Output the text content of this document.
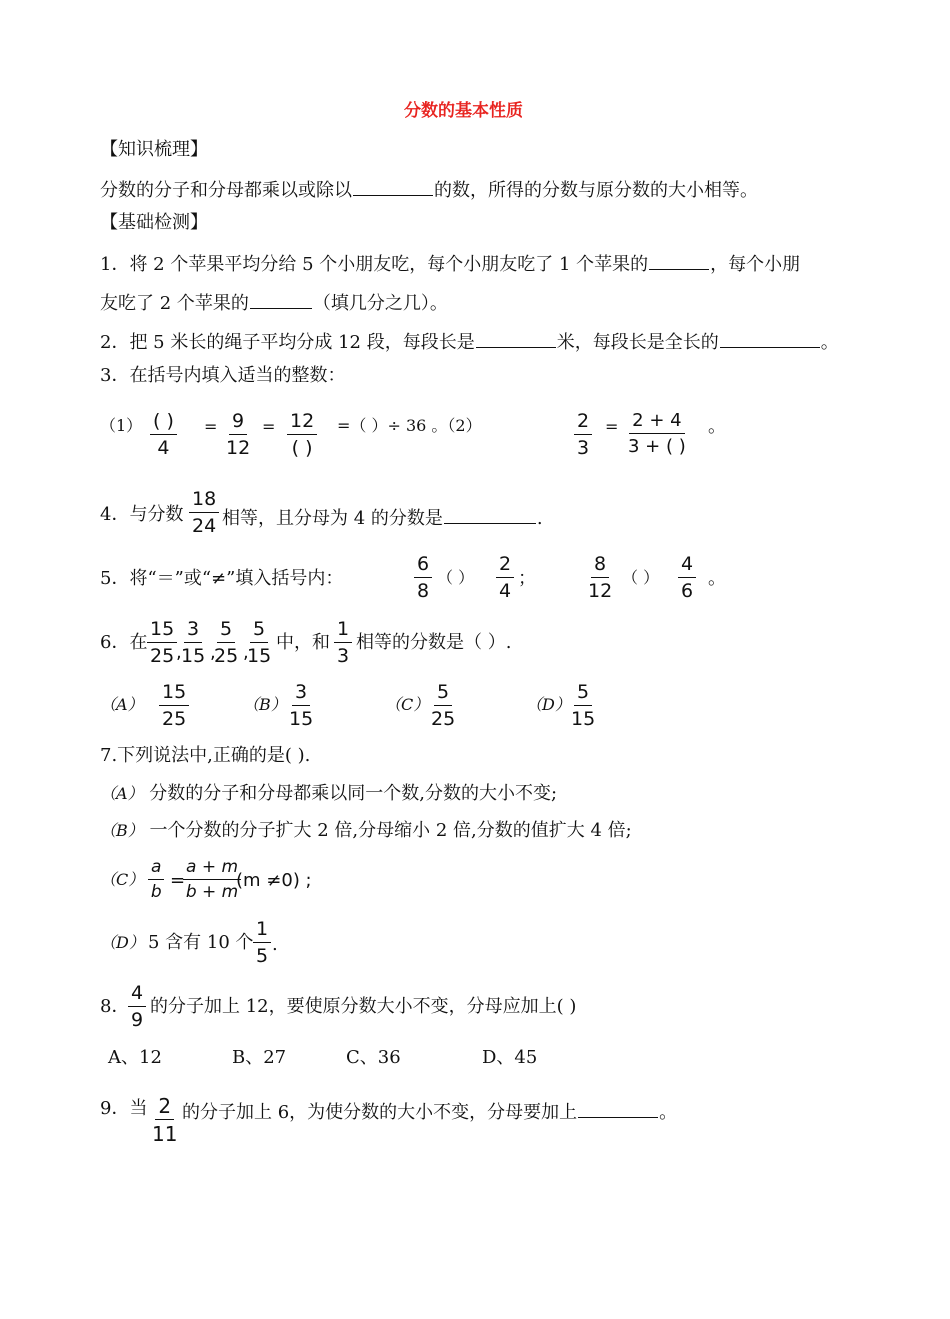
分数的基本性质
【知识梳理】
分数的分子和分母都乘以或除以	的数，所得的分数与原分数的大小相等。
【基础检测】
1．将 2 个苹果平均分给 5 个小朋友吃，每个小朋友吃了 1 个苹果的	，每个小朋
友吃了 2 个苹果的	（填几分之几）。
2．把 5 米长的绳子平均分成 12 段，每段长是	米，每段长是全长的	。
3．在括号内填入适当的整数：
（1） ( )
4
= $\frac{9}{12} = 12$
( )
=（ ）÷ 36 。（2）	$\frac{2}{3} = \frac{2 + 4}{3 + ( )}$ 。
4．与分数 $\frac{18}{24}$ 相等，且分母为 4 的分数是	.
5．将“＝”或“≠”填入括号内：	$\frac{6}{8}$ （ ） $\frac{2}{4}$ ；	$\frac{8}{12}$ （ ） $\frac{4}{6}$ 。
6．在 $\frac{15}{25}$
, $\frac{3}{15}$ ,
$\frac{5}{25}$ ,
$\frac{5}{15}$ 中，和 $\frac{1}{3}$ 相等的分数是（ ）.
$(A) \frac{15}{25}$	$(B) \frac{3}{15}$	$(C) \frac{5}{25}$	$(D) \frac{5}{15}$
7.下列说法中,正确的是( ).
（A） 分数的分子和分母都乘以同一个数,分数的大小不变;
（B） 一个分数的分子扩大 2 倍,分母缩小 2 倍,分数的值扩大 4 倍;
$(C) \frac{a}{b}$ =
$\frac{a + m}{b + m}$
(m ≠0) ;
（D） 5 含有 10 个 $\frac{1}{5}$ .
8．
$\frac{4}{9}$ 的分子加上 12，要使原分数大小不变，分母应加上( )
A、12	B、27	C、36	D、45
9．当 $\frac{2}{11}$ 的分子加上 6，为使分数的大小不变，分母要加上	。
